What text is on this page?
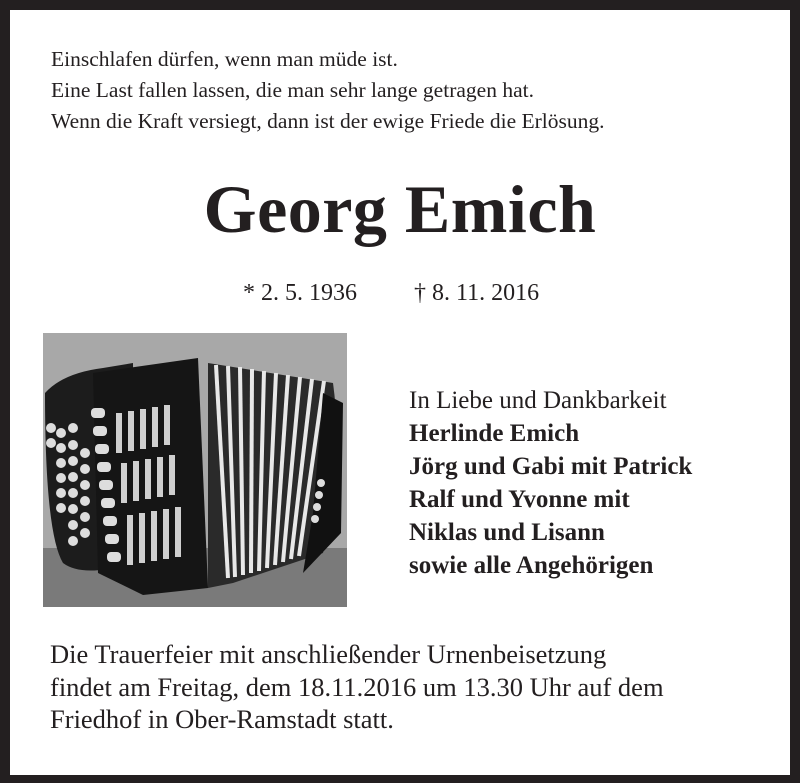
Einschlafen dürfen, wenn man müde ist.
Eine Last fallen lassen, die man sehr lange getragen hat.
Wenn die Kraft versiegt, dann ist der ewige Friede die Erlösung.
Georg Emich
* 2. 5. 1936 † 8. 11. 2016
In Liebe und Dankbarkeit
Herlinde Emich
Jörg und Gabi mit Patrick
Ralf und Yvonne mit
Niklas und Lisann
sowie alle Angehörigen
Die Trauerfeier mit anschließender Urnenbeisetzung
findet am Freitag, dem 18.11.2016 um 13.30 Uhr auf dem
Friedhof in Ober-Ramstadt statt.
